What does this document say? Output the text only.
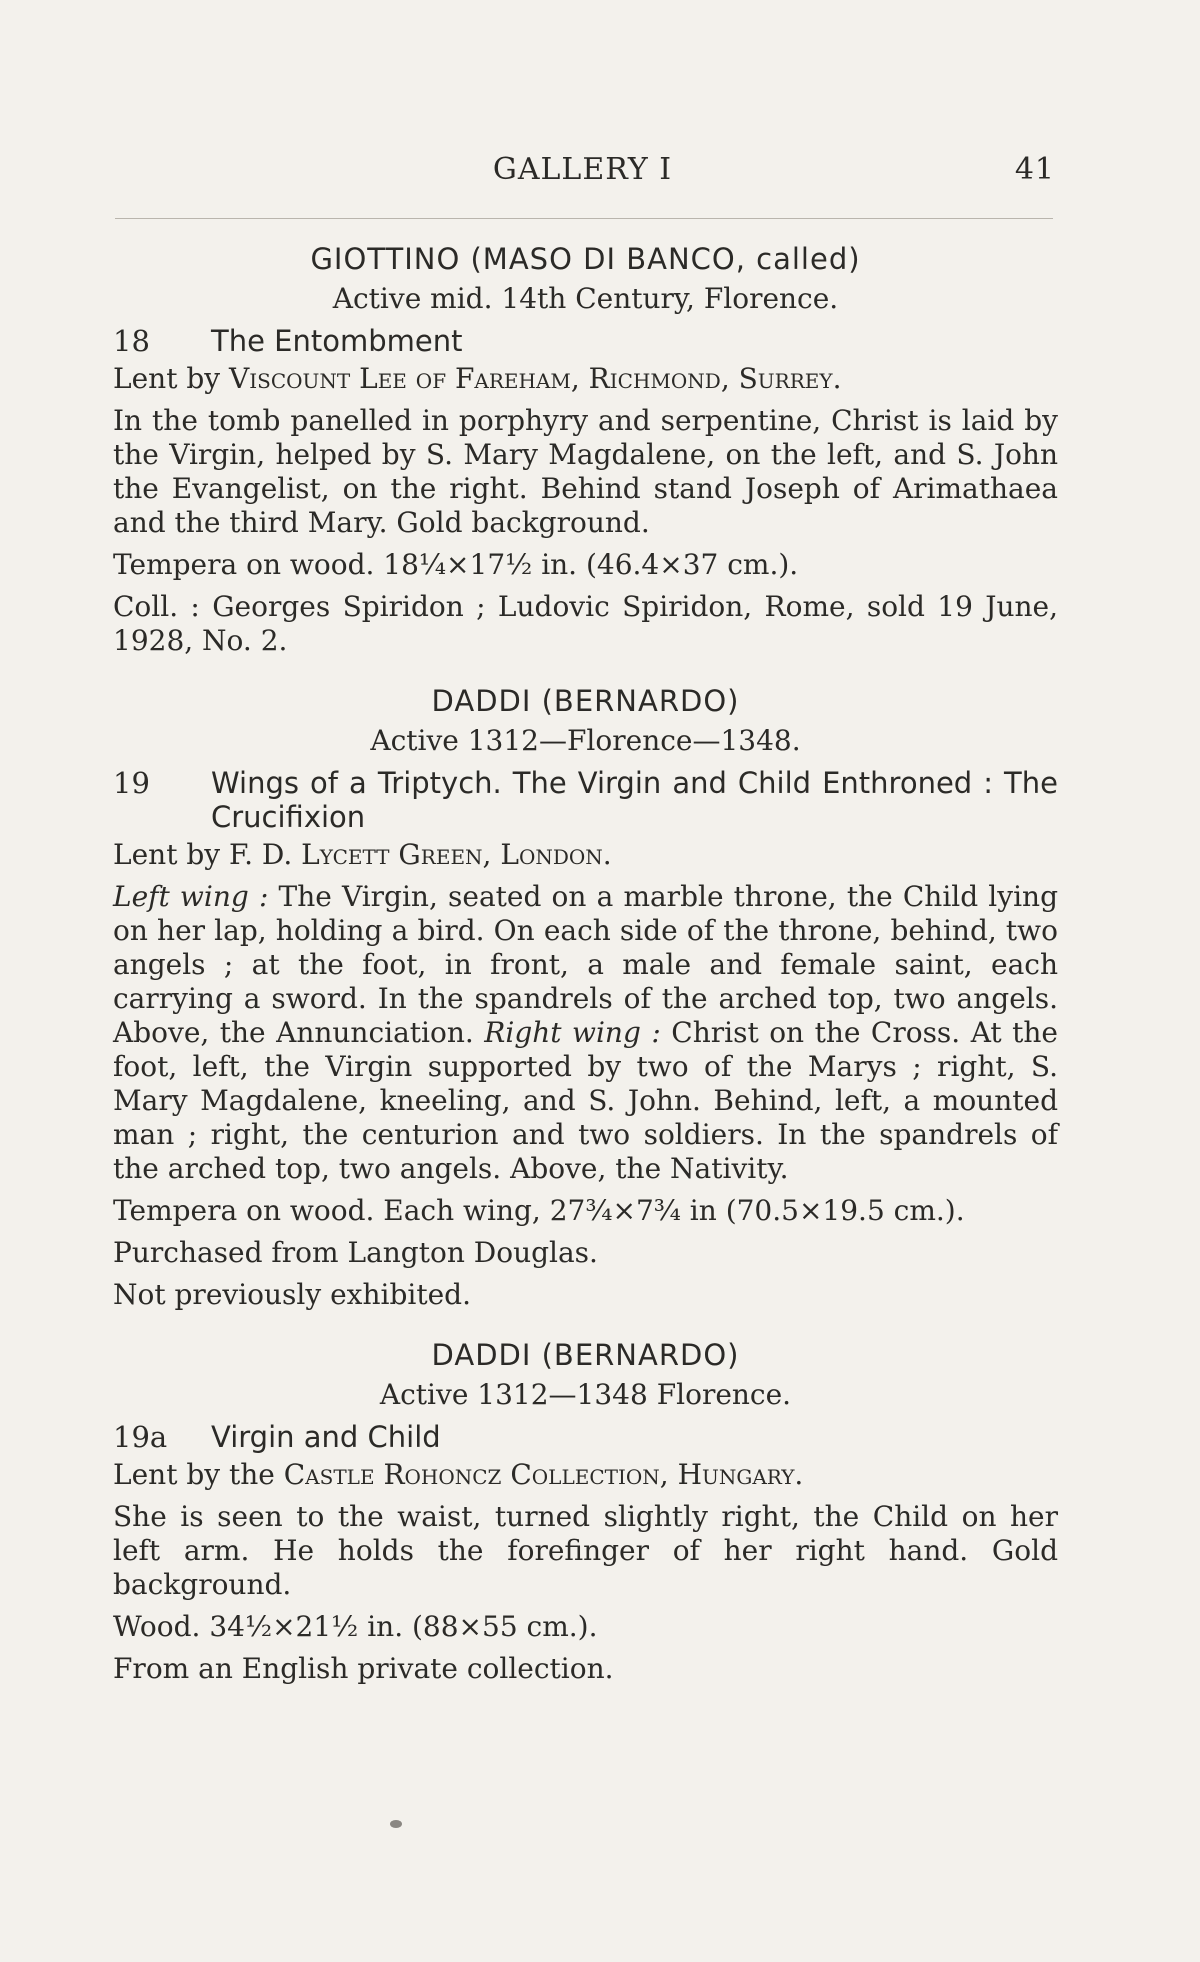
GALLERY I	41
GIOTTINO (MASO DI BANCO, called)
Active mid. 14th Century, Florence.
18	The Entombment
Lent by Viscount Lee of Fareham, Richmond, Surrey.
In the tomb panelled in porphyry and serpentine, Christ is laid by the Virgin, helped by S. Mary Magdalene, on the left, and S. John the Evangelist, on the right. Behind stand Joseph of Arimathaea and the third Mary. Gold background.
Tempera on wood. 18¼×17½ in. (46.4×37 cm.).
Coll. : Georges Spiridon ; Ludovic Spiridon, Rome, sold 19 June, 1928, No. 2.
DADDI (BERNARDO)
Active 1312—Florence—1348.
19	Wings of a Triptych. The Virgin and Child Enthroned : The Crucifixion
Lent by F. D. Lycett Green, London.
Left wing : The Virgin, seated on a marble throne, the Child lying on her lap, holding a bird. On each side of the throne, behind, two angels ; at the foot, in front, a male and female saint, each carrying a sword. In the spandrels of the arched top, two angels. Above, the Annunciation. Right wing : Christ on the Cross. At the foot, left, the Virgin supported by two of the Marys ; right, S. Mary Magdalene, kneeling, and S. John. Behind, left, a mounted man ; right, the centurion and two soldiers. In the spandrels of the arched top, two angels. Above, the Nativity.
Tempera on wood. Each wing, 27¾×7¾ in (70.5×19.5 cm.).
Purchased from Langton Douglas.
Not previously exhibited.
DADDI (BERNARDO)
Active 1312—1348 Florence.
19a	Virgin and Child
Lent by the Castle Rohoncz Collection, Hungary.
She is seen to the waist, turned slightly right, the Child on her left arm. He holds the forefinger of her right hand. Gold background.
Wood. 34½×21½ in. (88×55 cm.).
From an English private collection.
